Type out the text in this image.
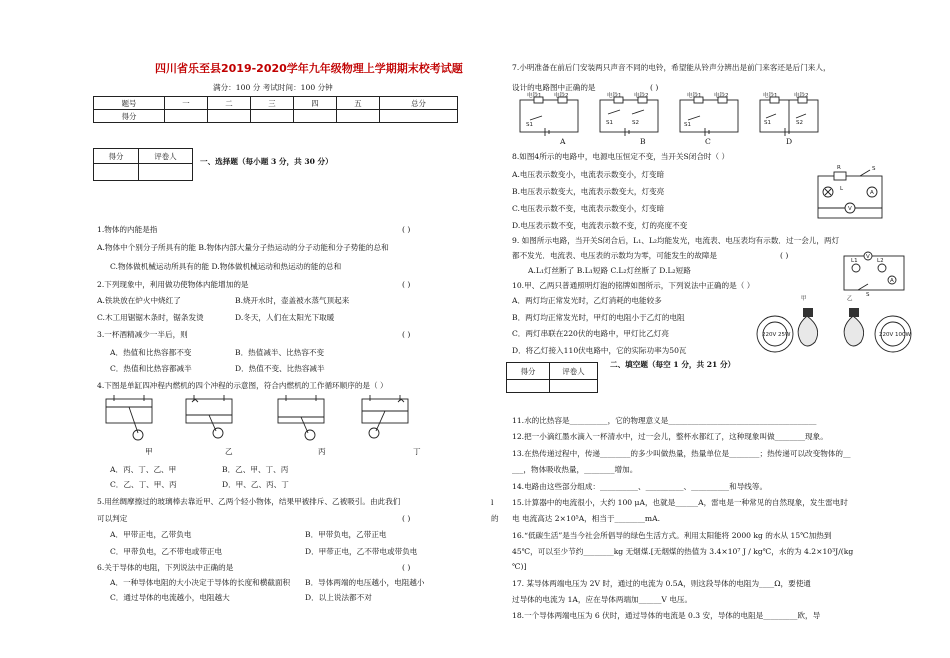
四川省乐至县2019-2020学年九年级物理上学期期末校考试题
满分：100 分 考试时间：100 分钟
题号	一	二	三	四	五	总分
得分						
得分	评卷人

一、选择题（每小题 3 分，共 30 分）
1.物体的内能是指	( )
A.物体中个别分子所具有的能 B.物体内部大量分子热运动的分子动能和分子势能的总和
C.物体做机械运动所具有的能 D.物体做机械运动和热运动的能的总和
2.下列现象中，利用做功使物体内能增加的是	( )
A.铁块放在炉火中烧红了	B.烧开水时，壶盖被水蒸气顶起来
C.木工用锯锯木条时，锯条发烫	D.冬天，人们在太阳光下取暖
3.一杯酒精减少一半后，则	( )
A．热值和比热容都不变	B．热值减半、比热容不变
C．热值和比热容都减半	D．热值不变、比热容减半
4.下图是单缸四冲程内燃机的四个冲程的示意图，符合内燃机的工作循环顺序的是（ ）
甲	乙	丙	丁
A．丙、丁、乙、甲	B．乙、甲、丁、丙
C．乙、丁、甲、丙	D．甲、乙、丙、丁
5.用丝绸摩擦过的玻璃棒去靠近甲、乙两个轻小物体，结果甲被排斥、乙被吸引。由此我们
可以判定	( )
A．甲带正电，乙带负电	B．甲带负电，乙带正电
C．甲带负电，乙不带电或带正电	D．甲带正电，乙不带电或带负电
6.关于导体的电阻，下列说法中正确的是	( )
A．一种导体电阻的大小决定于导体的长度和横截面积 B．导体两端的电压越小，电阻越小
C．通过导体的电流越小，电阻越大	D．以上说法都不对
7.小明准备在前后门安装两只声音不同的电铃，希望能从铃声分辨出是前门来客还是后门来人，
设计的电路图中正确的是	( )
电铃1 电铃2
S1
电铃1 电铃2
S1	S2
电铃1 电铃2
S1
电铃1	电铃2
S1	S2
A	B	C	D
8.如图4所示的电路中，电源电压恒定不变，当开关S闭合时（ ）
A.电压表示数变小，电流表示数变小，灯变暗
B.电压表示数变大，电流表示数变大，灯变亮
C.电压表示数不变，电流表示数变小，灯变暗
D.电压表示数不变，电流表示数不变，灯的亮度不变
R	S
L
A
V
9. 如图所示电路，当开关S闭合后，L₁、L₂均能发光，电流表、电压表均有示数．过一会儿，两灯
都不发光．电流表、电压表的示数均为零，可能发生的故障是	( )
A.L₁灯丝断了 B.L₁短路 C.L₂灯丝断了 D.L₂短路
L1	L2
V
A
S
10.甲、乙两只普通照明灯泡的铭牌如图所示，下列说法中正确的是（ ）
A．两灯均正常发光时，乙灯消耗的电能较多
B．两灯均正常发光时，甲灯的电阻小于乙灯的电阻
C．两灯串联在220伏的电路中，甲灯比乙灯亮
D．将乙灯接入110伏电路中，它的实际功率为50瓦
220V 25W
甲	乙
220V 100W
得分	评卷人

二、填空题（每空 1 分，共 21 分）
11.水的比热容是__________，它的物理意义是_______________________________________
12.把一小滴红墨水滴入一杯清水中，过一会儿，整杯水都红了，这种现象叫做________现象。
13.在热传递过程中，传递________的多少叫做热量，热量单位是________；热传递可以改变物体的__
___，物体吸收热量，________增加。
14.电路由这些部分组成：__________、__________、__________和导线等。
l
的
15.计算器中的电流很小，大约 100 μA，也就是______A，雷电是一种常见的自然现象，发生雷电时
电 电流高达 2×10⁵A，相当于________mA.
16.“低碳生活”是当今社会所倡导的绿色生活方式。利用太阳能将 2000 kg 的水从 15℃加热到
45℃，可以至少节约________kg 无烟煤.[无烟煤的热值为 3.4×10⁷ J / kg℃，水的为 4.2×10³J/(kg
℃)]
17. 某导体两端电压为 2V 时，通过的电流为 0.5A，则这段导体的电阻为____Ω，要使通
过导体的电流为 1A，应在导体两端加______V 电压。
18.一个导体两端电压为 6 伏时，通过导体的电流是 0.3 安，导体的电阻是_________欧，导
